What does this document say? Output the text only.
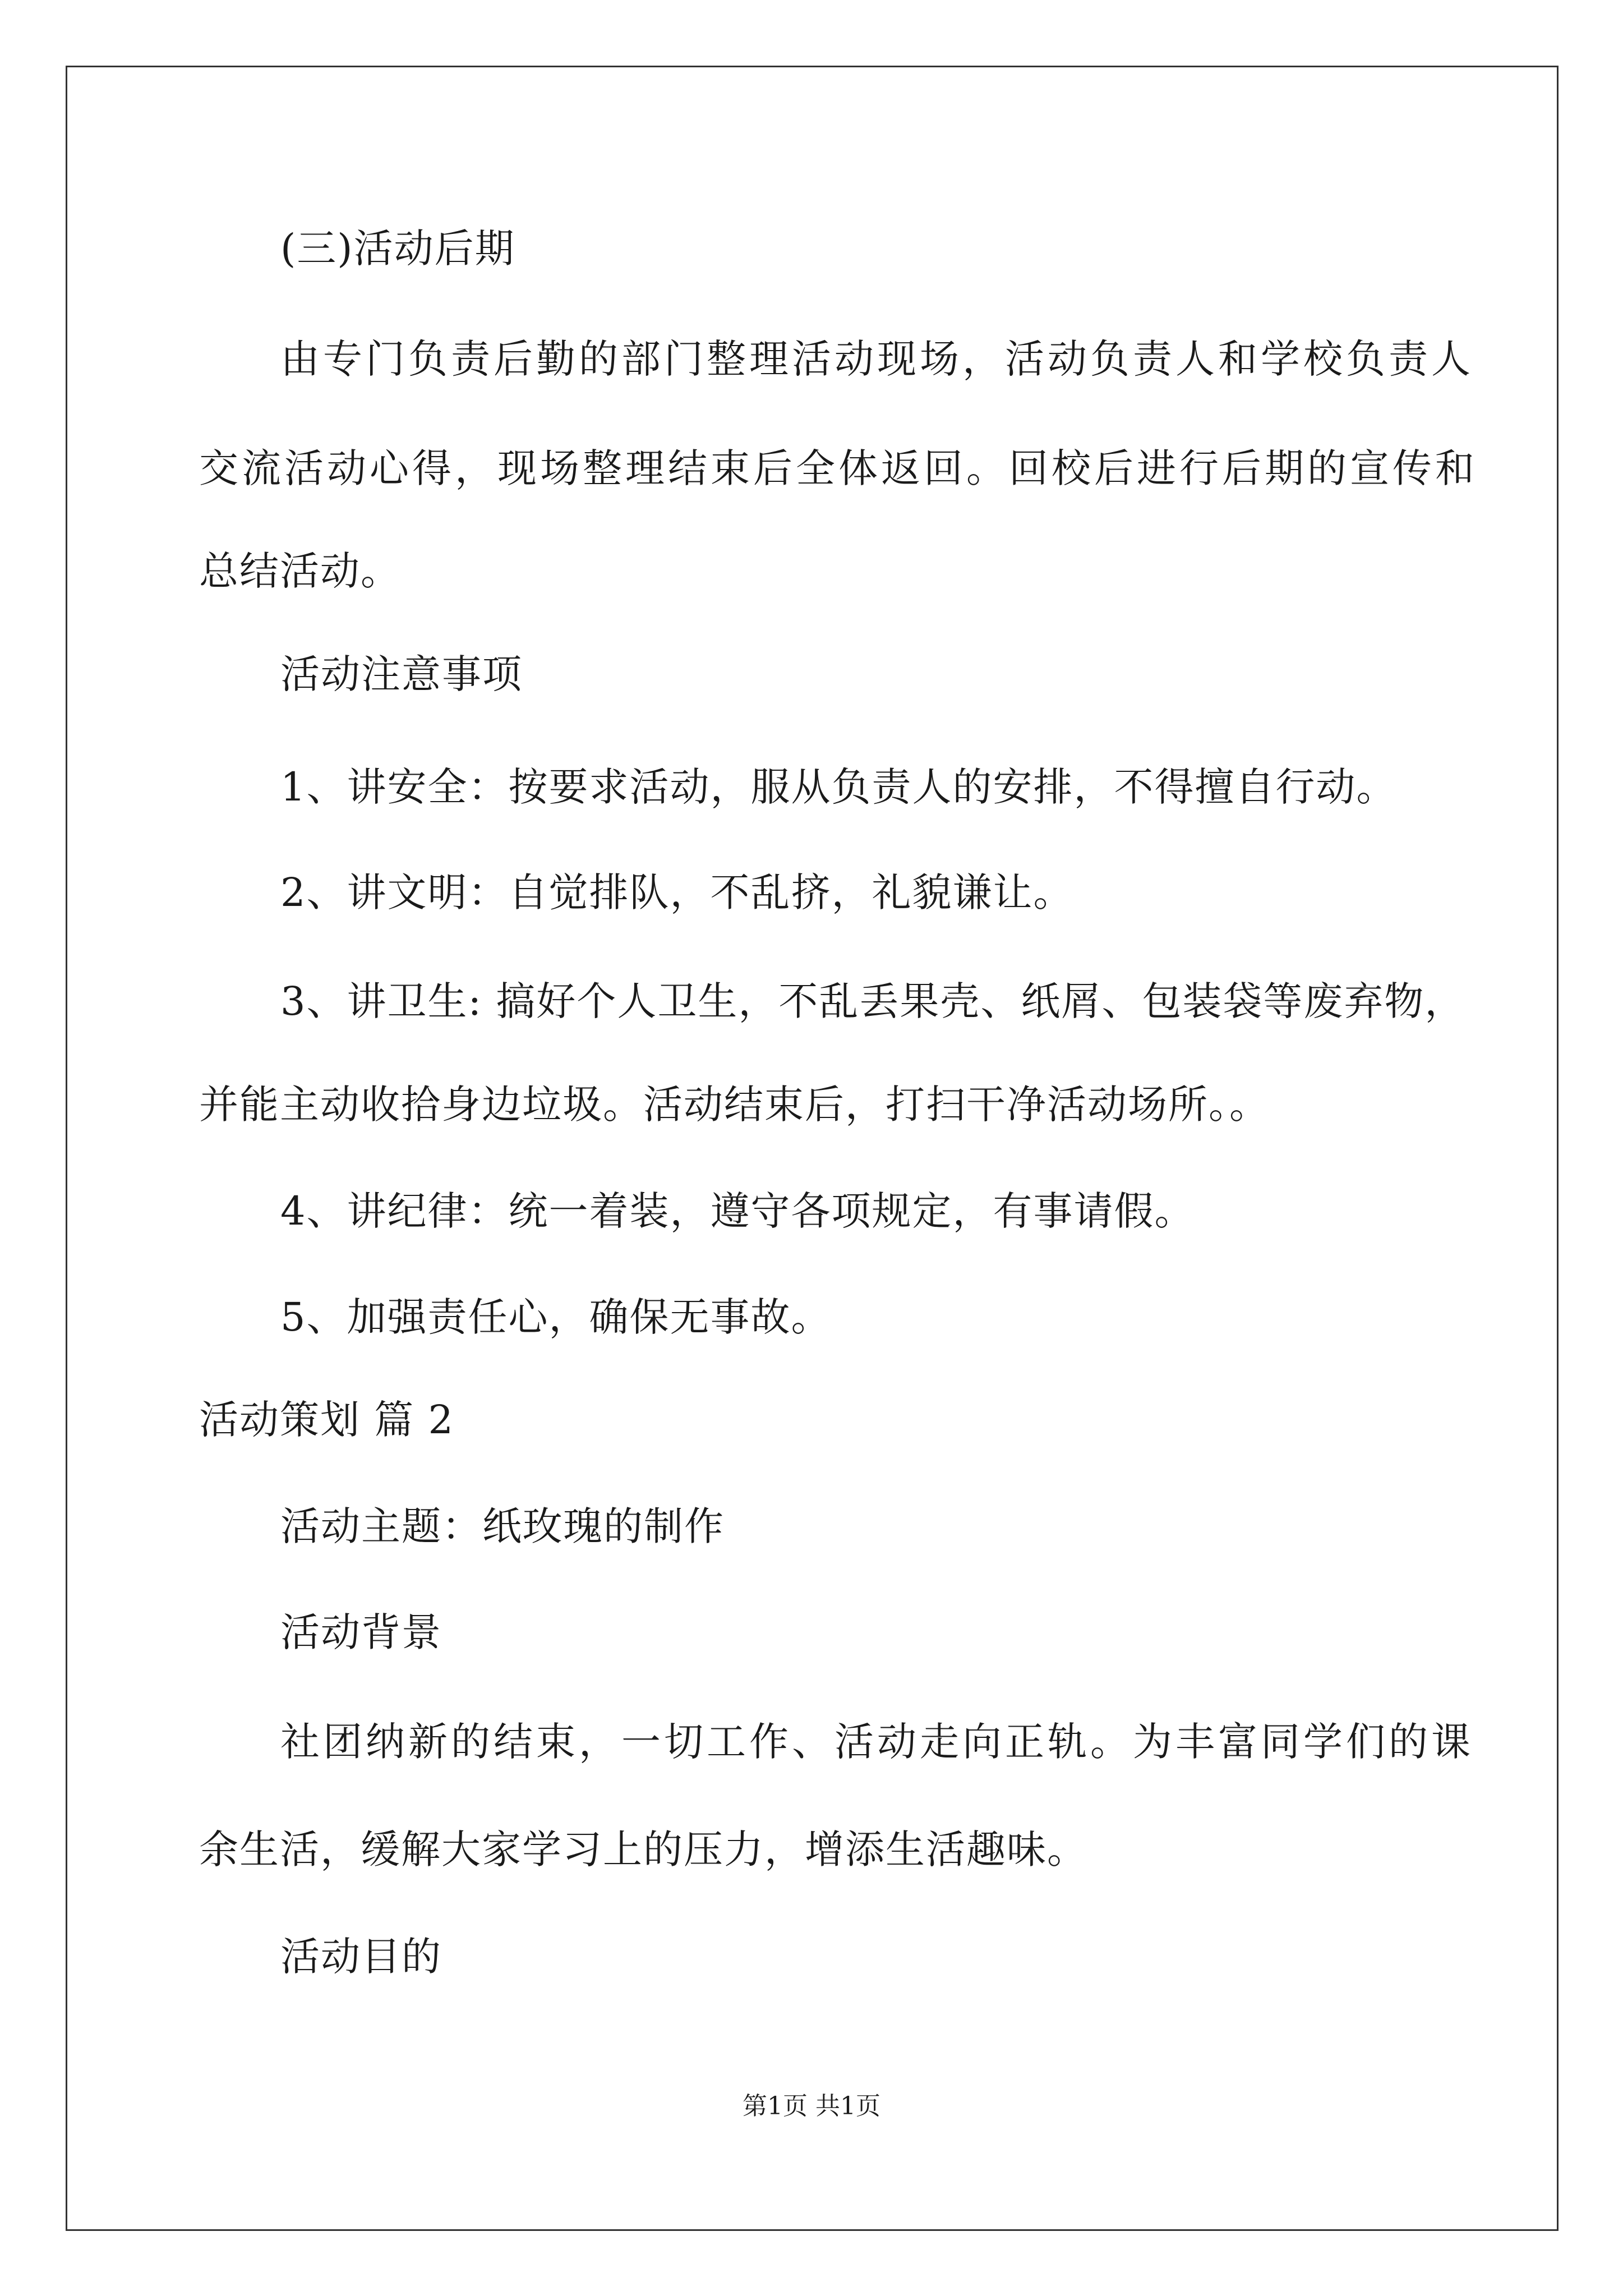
(三)活动后期
由专门负责后勤的部门整理活动现场，活动负责人和学校负责人
交流活动心得，现场整理结束后全体返回。回校后进行后期的宣传和
总结活动。
活动注意事项
1、讲安全：按要求活动，服从负责人的安排，不得擅自行动。
2、讲文明：自觉排队，不乱挤，礼貌谦让。
3、讲卫生: 搞好个人卫生，不乱丢果壳、纸屑、包装袋等废弃物，
并能主动收拾身边垃圾。活动结束后，打扫干净活动场所。。
4、讲纪律：统一着装，遵守各项规定，有事请假。
5、加强责任心，确保无事故。
活动策划 篇 2
活动主题：纸玫瑰的制作
活动背景
社团纳新的结束，一切工作、活动走向正轨。为丰富同学们的课
余生活，缓解大家学习上的压力，增添生活趣味。
活动目的
第1页 共1页
